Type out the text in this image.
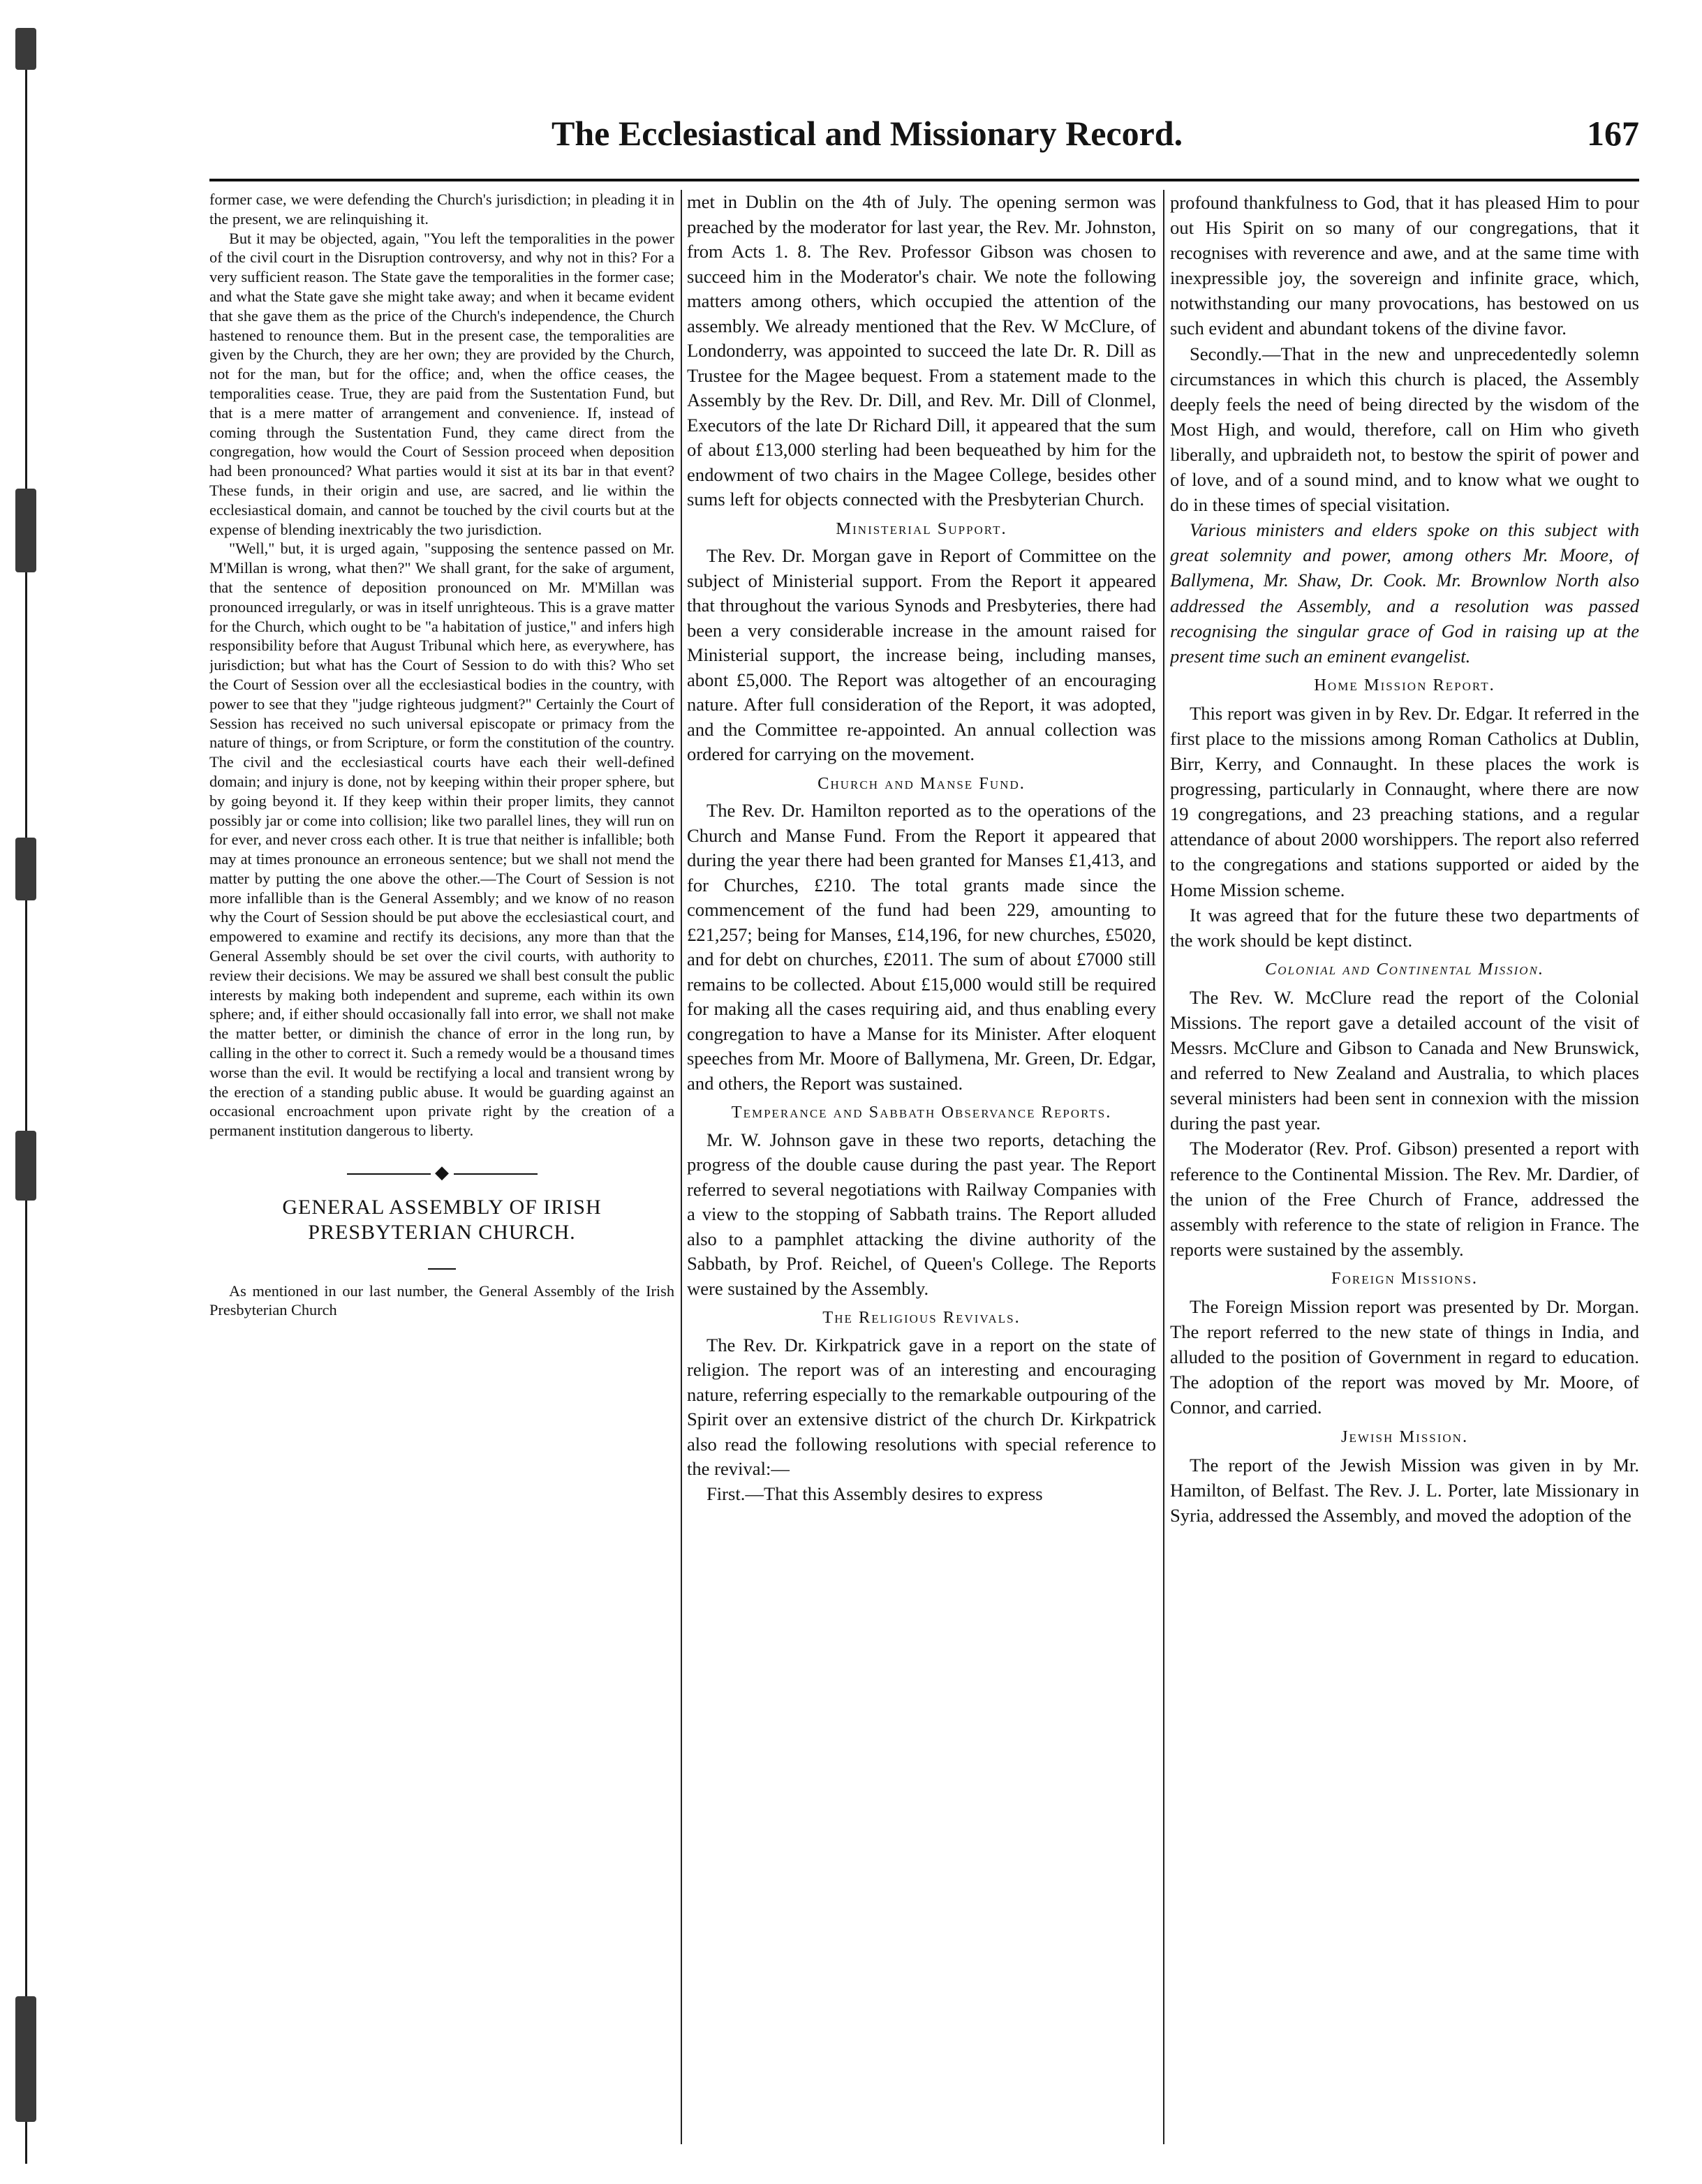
The Ecclesiastical and Missionary Record.	167

former case, we were defending the Church's jurisdiction; in pleading it in the present, we are relinquishing it.

But it may be objected, again, "You left the temporalities in the power of the civil court in the Disruption controversy, and why not in this? For a very sufficient reason. The State gave the temporalities in the former case; and what the State gave she might take away; and when it became evident that she gave them as the price of the Church's independence, the Church hastened to renounce them. But in the present case, the temporalities are given by the Church, they are her own; they are provided by the Church, not for the man, but for the office; and, when the office ceases, the temporalities cease. True, they are paid from the Sustentation Fund, but that is a mere matter of arrangement and convenience. If, instead of coming through the Sustentation Fund, they came direct from the congregation, how would the Court of Session proceed when deposition had been pronounced? What parties would it sist at its bar in that event? These funds, in their origin and use, are sacred, and lie within the ecclesiastical domain, and cannot be touched by the civil courts but at the expense of blending inextricably the two jurisdiction.

"Well," but, it is urged again, "supposing the sentence passed on Mr. M'Millan is wrong, what then?" We shall grant, for the sake of argument, that the sentence of deposition pronounced on Mr. M'Millan was pronounced irregularly, or was in itself unrighteous. This is a grave matter for the Church, which ought to be "a habitation of justice," and infers high responsibility before that August Tribunal which here, as everywhere, has jurisdiction; but what has the Court of Session to do with this? Who set the Court of Session over all the ecclesiastical bodies in the country, with power to see that they "judge righteous judgment?" Certainly the Court of Session has received no such universal episcopate or primacy from the nature of things, or from Scripture, or form the constitution of the country. The civil and the ecclesiastical courts have each their well-defined domain; and injury is done, not by keeping within their proper sphere, but by going beyond it. If they keep within their proper limits, they cannot possibly jar or come into collision; like two parallel lines, they will run on for ever, and never cross each other. It is true that neither is infallible; both may at times pronounce an erroneous sentence; but we shall not mend the matter by putting the one above the other.—The Court of Session is not more infallible than is the General Assembly; and we know of no reason why the Court of Session should be put above the ecclesiastical court, and empowered to examine and rectify its decisions, any more than that the General Assembly should be set over the civil courts, with authority to review their decisions. We may be assured we shall best consult the public interests by making both independent and supreme, each within its own sphere; and, if either should occasionally fall into error, we shall not make the matter better, or diminish the chance of error in the long run, by calling in the other to correct it. Such a remedy would be a thousand times worse than the evil. It would be rectifying a local and transient wrong by the erection of a standing public abuse. It would be guarding against an occasional encroachment upon private right by the creation of a permanent institution dangerous to liberty.

◆
GENERAL ASSEMBLY OF IRISH PRESBYTERIAN CHURCH.

As mentioned in our last number, the General Assembly of the Irish Presbyterian Church

met in Dublin on the 4th of July. The opening sermon was preached by the moderator for last year, the Rev. Mr. Johnston, from Acts 1. 8. The Rev. Professor Gibson was chosen to succeed him in the Moderator's chair. We note the following matters among others, which occupied the attention of the assembly. We already mentioned that the Rev. W McClure, of Londonderry, was appointed to succeed the late Dr. R. Dill as Trustee for the Magee bequest. From a statement made to the Assembly by the Rev. Dr. Dill, and Rev. Mr. Dill of Clonmel, Executors of the late Dr Richard Dill, it appeared that the sum of about £13,000 sterling had been bequeathed by him for the endowment of two chairs in the Magee College, besides other sums left for objects connected with the Presbyterian Church.

Ministerial Support.

The Rev. Dr. Morgan gave in Report of Committee on the subject of Ministerial support. From the Report it appeared that throughout the various Synods and Presbyteries, there had been a very considerable increase in the amount raised for Ministerial support, the increase being, including manses, abont £5,000. The Report was altogether of an encouraging nature. After full consideration of the Report, it was adopted, and the Committee re-appointed. An annual collection was ordered for carrying on the movement.

Church and Manse Fund.

The Rev. Dr. Hamilton reported as to the operations of the Church and Manse Fund. From the Report it appeared that during the year there had been granted for Manses £1,413, and for Churches, £210. The total grants made since the commencement of the fund had been 229, amounting to £21,257; being for Manses, £14,196, for new churches, £5020, and for debt on churches, £2011. The sum of about £7000 still remains to be collected. About £15,000 would still be required for making all the cases requiring aid, and thus enabling every congregation to have a Manse for its Minister. After eloquent speeches from Mr. Moore of Ballymena, Mr. Green, Dr. Edgar, and others, the Report was sustained.

Temperance and Sabbath Observance Reports.

Mr. W. Johnson gave in these two reports, detaching the progress of the double cause during the past year. The Report referred to several negotiations with Railway Companies with a view to the stopping of Sabbath trains. The Report alluded also to a pamphlet attacking the divine authority of the Sabbath, by Prof. Reichel, of Queen's College. The Reports were sustained by the Assembly.

The Religious Revivals.

The Rev. Dr. Kirkpatrick gave in a report on the state of religion. The report was of an interesting and encouraging nature, referring especially to the remarkable outpouring of the Spirit over an extensive district of the church Dr. Kirkpatrick also read the following resolutions with special reference to the revival:—

First.—That this Assembly desires to express

profound thankfulness to God, that it has pleased Him to pour out His Spirit on so many of our congregations, that it recognises with reverence and awe, and at the same time with inexpressible joy, the sovereign and infinite grace, which, notwithstanding our many provocations, has bestowed on us such evident and abundant tokens of the divine favor.

Secondly.—That in the new and unprecedentedly solemn circumstances in which this church is placed, the Assembly deeply feels the need of being directed by the wisdom of the Most High, and would, therefore, call on Him who giveth liberally, and upbraideth not, to bestow the spirit of power and of love, and of a sound mind, and to know what we ought to do in these times of special visitation.

Various ministers and elders spoke on this subject with great solemnity and power, among others Mr. Moore, of Ballymena, Mr. Shaw, Dr. Cook. Mr. Brownlow North also addressed the Assembly, and a resolution was passed recognising the singular grace of God in raising up at the present time such an eminent evangelist.

Home Mission Report.

This report was given in by Rev. Dr. Edgar. It referred in the first place to the missions among Roman Catholics at Dublin, Birr, Kerry, and Connaught. In these places the work is progressing, particularly in Connaught, where there are now 19 congregations, and 23 preaching stations, and a regular attendance of about 2000 worshippers. The report also referred to the congregations and stations supported or aided by the Home Mission scheme.

It was agreed that for the future these two departments of the work should be kept distinct.

Colonial and Continental Mission.

The Rev. W. McClure read the report of the Colonial Missions. The report gave a detailed account of the visit of Messrs. McClure and Gibson to Canada and New Brunswick, and referred to New Zealand and Australia, to which places several ministers had been sent in connexion with the mission during the past year.

The Moderator (Rev. Prof. Gibson) presented a report with reference to the Continental Mission. The Rev. Mr. Dardier, of the union of the Free Church of France, addressed the assembly with reference to the state of religion in France. The reports were sustained by the assembly.

Foreign Missions.

The Foreign Mission report was presented by Dr. Morgan. The report referred to the new state of things in India, and alluded to the position of Government in regard to education. The adoption of the report was moved by Mr. Moore, of Connor, and carried.

Jewish Mission.

The report of the Jewish Mission was given in by Mr. Hamilton, of Belfast. The Rev. J. L. Porter, late Missionary in Syria, addressed the Assembly, and moved the adoption of the
